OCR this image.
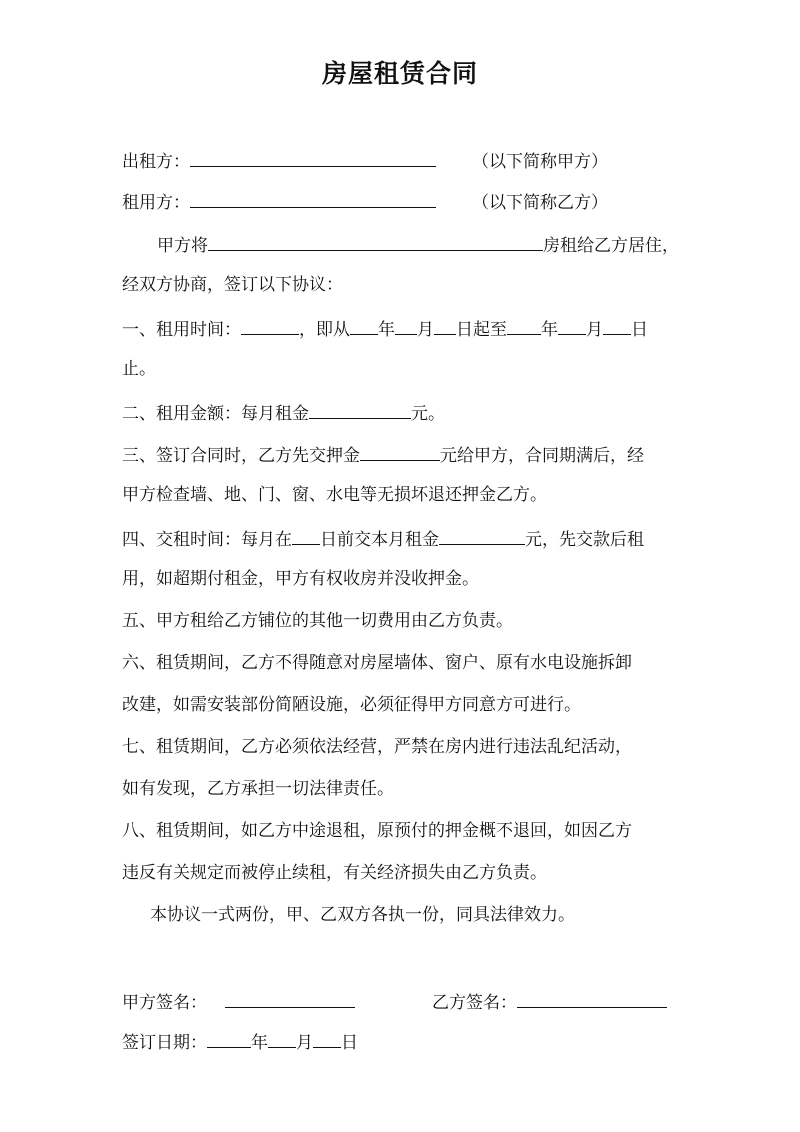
房屋租赁合同
出租方：	（以下简称甲方）
租用方：	（以下简称乙方）
甲方将	房租给乙方居住，
经双方协商，签订以下协议：
一、租用时间：	，即从 年 月 日起至 年 月 日
止。
二、租用金额：每月租金	元。
三、签订合同时，乙方先交押金	元给甲方，合同期满后，经
甲方检查墙、地、门、窗、水电等无损坏退还押金乙方。
四、交租时间：每月在 日前交本月租金	元，先交款后租
用，如超期付租金，甲方有权收房并没收押金。
五、甲方租给乙方铺位的其他一切费用由乙方负责。
六、租赁期间，乙方不得随意对房屋墙体、窗户、原有水电设施拆卸
改建，如需安装部份简陋设施，必须征得甲方同意方可进行。
七、租赁期间，乙方必须依法经营，严禁在房内进行违法乱纪活动，
如有发现，乙方承担一切法律责任。
八、租赁期间，如乙方中途退租，原预付的押金概不退回，如因乙方
违反有关规定而被停止续租，有关经济损失由乙方负责。
本协议一式两份，甲、乙双方各执一份，同具法律效力。
甲方签名：	乙方签名：
签订日期：	年 月 日
